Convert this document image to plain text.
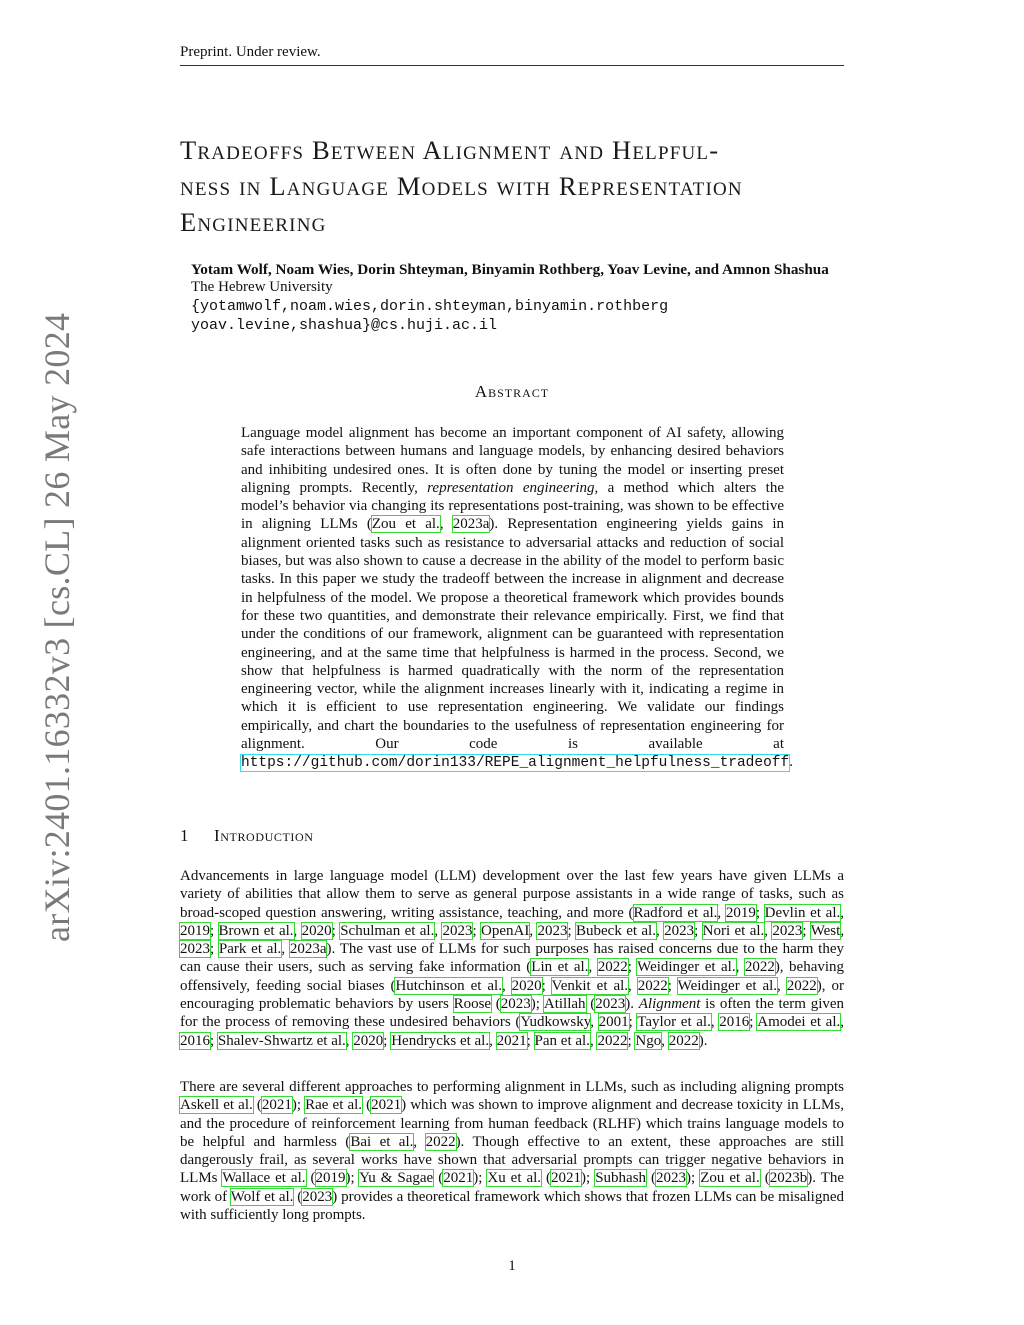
Preprint. Under review.
Tradeoffs Between Alignment and Helpful-
ness in Language Models with Representation
Engineering
Yotam Wolf, Noam Wies, Dorin Shteyman, Binyamin Rothberg, Yoav Levine, and Amnon Shashua
The Hebrew University
{yotamwolf,noam.wies,dorin.shteyman,binyamin.rothberg
yoav.levine,shashua}@cs.huji.ac.il
Abstract
Language model alignment has become an important component of AI safety, allowing safe interactions between humans and language models, by enhancing desired behaviors and inhibiting undesired ones. It is often done by tuning the model or inserting preset aligning prompts. Recently, representation engineering, a method which alters the model’s behavior via changing its representations post-training, was shown to be effective in aligning LLMs (Zou et al., 2023a). Representation engineering yields gains in alignment oriented tasks such as resistance to adversarial attacks and reduction of social biases, but was also shown to cause a decrease in the ability of the model to perform basic tasks. In this paper we study the tradeoff between the increase in alignment and decrease in helpfulness of the model. We propose a theoretical framework which provides bounds for these two quantities, and demonstrate their relevance empirically. First, we find that under the conditions of our framework, alignment can be guaranteed with representation engineering, and at the same time that helpfulness is harmed in the process. Second, we show that helpfulness is harmed quadratically with the norm of the representation engineering vector, while the alignment increases linearly with it, indicating a regime in which it is efficient to use representation engineering. We validate our findings empirically, and chart the boundaries to the usefulness of representation engineering for alignment. Our code is available at https://github.com/dorin133/REPE_alignment_helpfulness_tradeoff.
1 Introduction
Advancements in large language model (LLM) development over the last few years have given LLMs a variety of abilities that allow them to serve as general purpose assistants in a wide range of tasks, such as broad-scoped question answering, writing assistance, teaching, and more (Radford et al., 2019; Devlin et al., 2019; Brown et al., 2020; Schulman et al., 2023; OpenAI, 2023; Bubeck et al., 2023; Nori et al., 2023; West, 2023; Park et al., 2023a). The vast use of LLMs for such purposes has raised concerns due to the harm they can cause their users, such as serving fake information (Lin et al., 2022; Weidinger et al., 2022), behaving offensively, feeding social biases (Hutchinson et al., 2020; Venkit et al., 2022; Weidinger et al., 2022), or encouraging problematic behaviors by users Roose (2023); Atillah (2023). Alignment is often the term given for the process of removing these undesired behaviors (Yudkowsky, 2001; Taylor et al., 2016; Amodei et al., 2016; Shalev-Shwartz et al., 2020; Hendrycks et al., 2021; Pan et al., 2022; Ngo, 2022).
There are several different approaches to performing alignment in LLMs, such as including aligning prompts Askell et al. (2021); Rae et al. (2021) which was shown to improve alignment and decrease toxicity in LLMs, and the procedure of reinforcement learning from human feedback (RLHF) which trains language models to be helpful and harmless (Bai et al., 2022). Though effective to an extent, these approaches are still dangerously frail, as several works have shown that adversarial prompts can trigger negative behaviors in LLMs Wallace et al. (2019); Yu & Sagae (2021); Xu et al. (2021); Subhash (2023); Zou et al. (2023b). The work of Wolf et al. (2023) provides a theoretical framework which shows that frozen LLMs can be misaligned with sufficiently long prompts.
arXiv:2401.16332v3 [cs.CL] 26 May 2024
1
